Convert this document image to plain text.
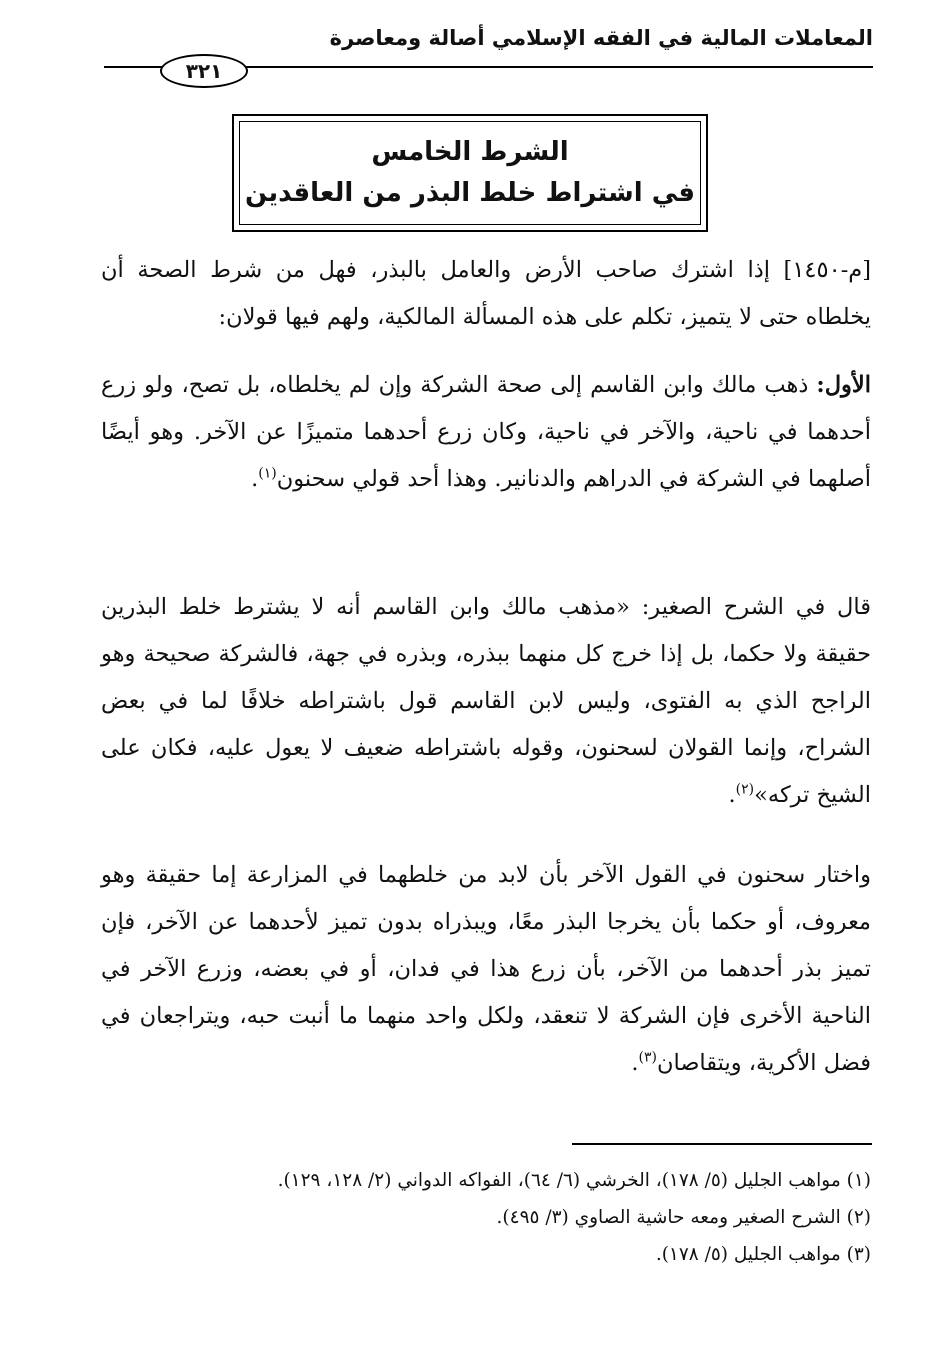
المعاملات المالية في الفقه الإسلامي أصالة ومعاصرة
٣٢١
الشرط الخامس
في اشتراط خلط البذر من العاقدين

[م-١٤٥٠] إذا اشترك صاحب الأرض والعامل بالبذر، فهل من شرط الصحة أن يخلطاه حتى لا يتميز، تكلم على هذه المسألة المالكية، ولهم فيها قولان:

الأول: ذهب مالك وابن القاسم إلى صحة الشركة وإن لم يخلطاه، بل تصح، ولو زرع أحدهما في ناحية، والآخر في ناحية، وكان زرع أحدهما متميزًا عن الآخر. وهو أيضًا أصلهما في الشركة في الدراهم والدنانير. وهذا أحد قولي سحنون$^{(١)}$.

قال في الشرح الصغير: «مذهب مالك وابن القاسم أنه لا يشترط خلط البذرين حقيقة ولا حكما، بل إذا خرج كل منهما ببذره، وبذره في جهة، فالشركة صحيحة وهو الراجح الذي به الفتوى، وليس لابن القاسم قول باشتراطه خلافًا لما في بعض الشراح، وإنما القولان لسحنون، وقوله باشتراطه ضعيف لا يعول عليه، فكان على الشيخ تركه»$^{(٢)}$.

واختار سحنون في القول الآخر بأن لابد من خلطهما في المزارعة إما حقيقة وهو معروف، أو حكما بأن يخرجا البذر معًا، ويبذراه بدون تميز لأحدهما عن الآخر، فإن تميز بذر أحدهما من الآخر، بأن زرع هذا في فدان، أو في بعضه، وزرع الآخر في الناحية الأخرى فإن الشركة لا تنعقد، ولكل واحد منهما ما أنبت حبه، ويتراجعان في فضل الأكرية، ويتقاصان$^{(٣)}$.

(١) مواهب الجليل (٥/ ١٧٨)، الخرشي (٦/ ٦٤)، الفواكه الدواني (٢/ ١٢٨، ١٢٩).
(٢) الشرح الصغير ومعه حاشية الصاوي (٣/ ٤٩٥).
(٣) مواهب الجليل (٥/ ١٧٨).
